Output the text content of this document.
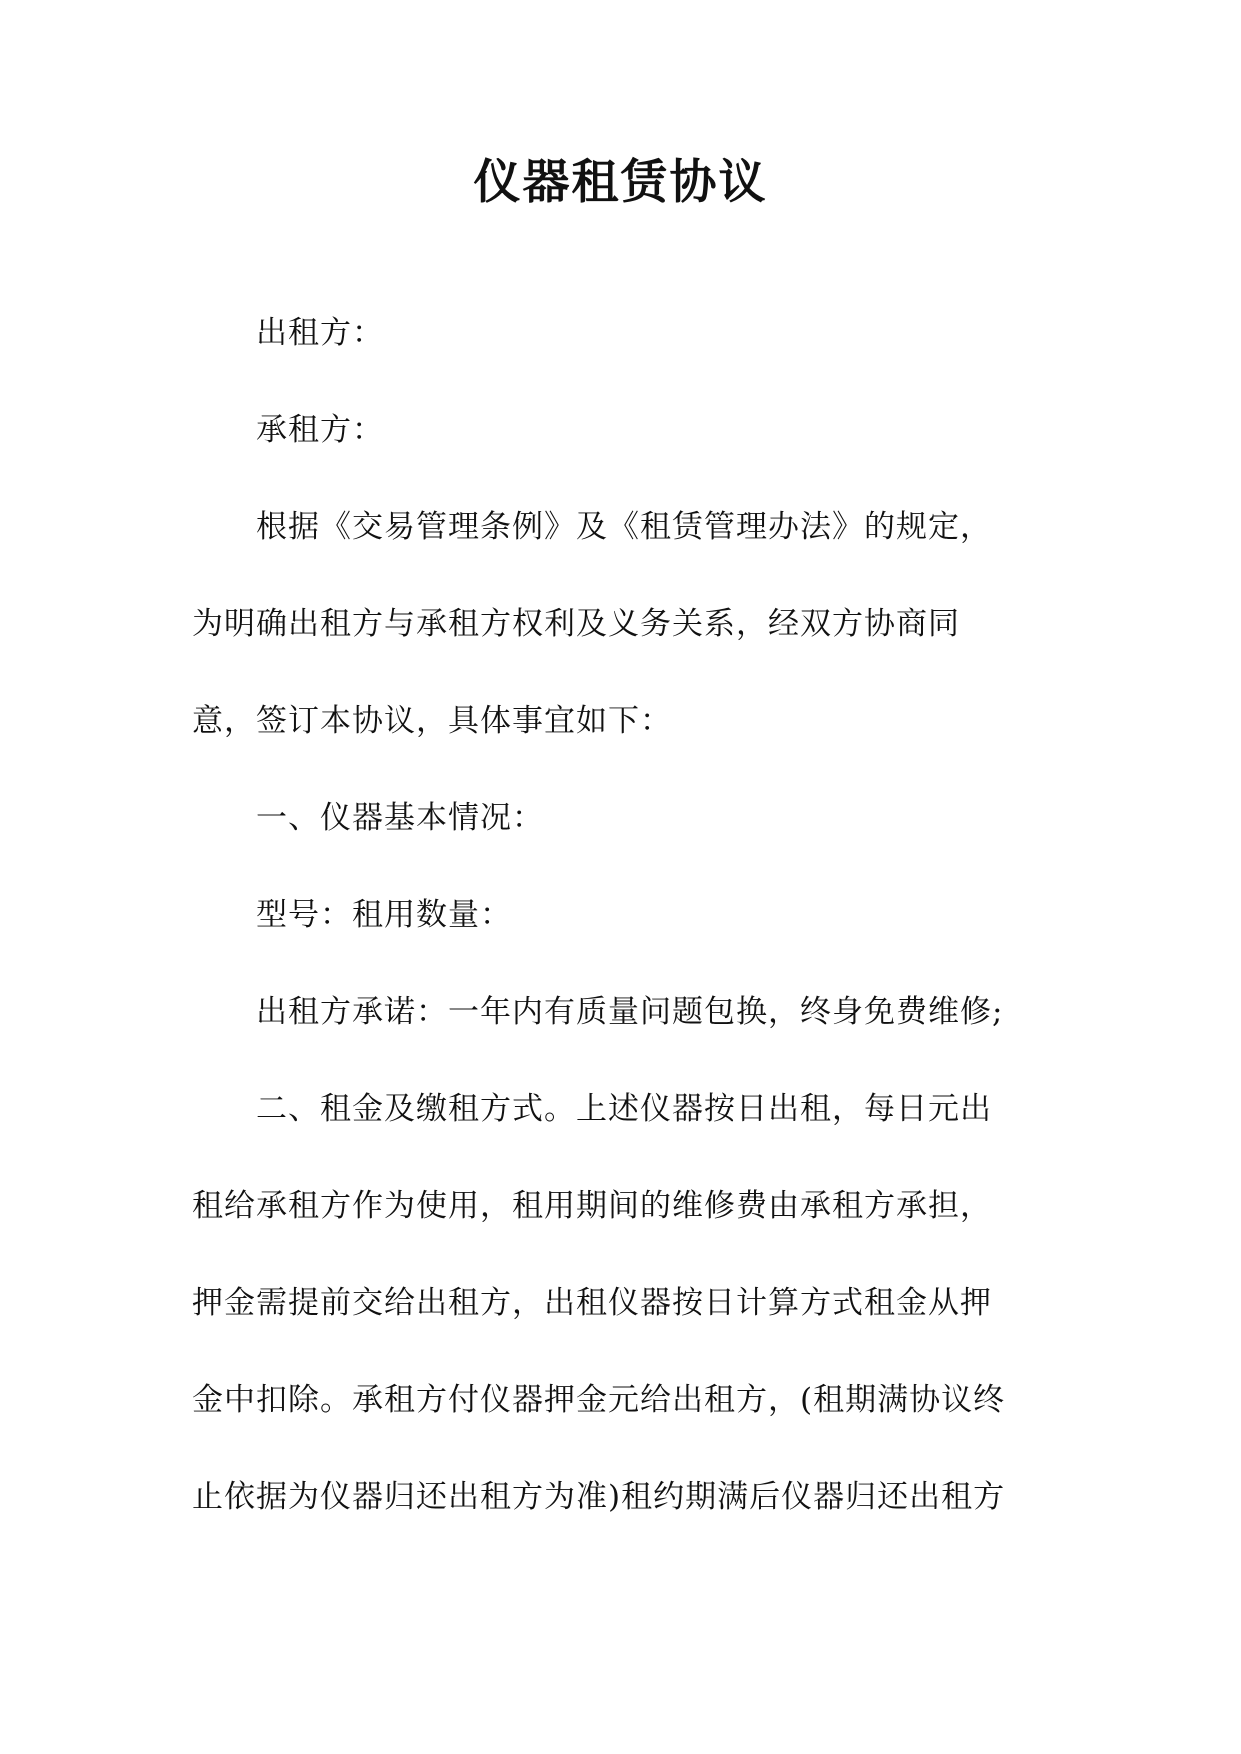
仪器租赁协议
出租方：
承租方：
根据《交易管理条例》及《租赁管理办法》的规定，
为明确出租方与承租方权利及义务关系，经双方协商同
意，签订本协议，具体事宜如下：
一、仪器基本情况：
型号：租用数量：
出租方承诺：一年内有质量问题包换，终身免费维修;
二、租金及缴租方式。上述仪器按日出租，每日元出
租给承租方作为使用，租用期间的维修费由承租方承担，
押金需提前交给出租方，出租仪器按日计算方式租金从押
金中扣除。承租方付仪器押金元给出租方，(租期满协议终
止依据为仪器归还出租方为准)租约期满后仪器归还出租方
